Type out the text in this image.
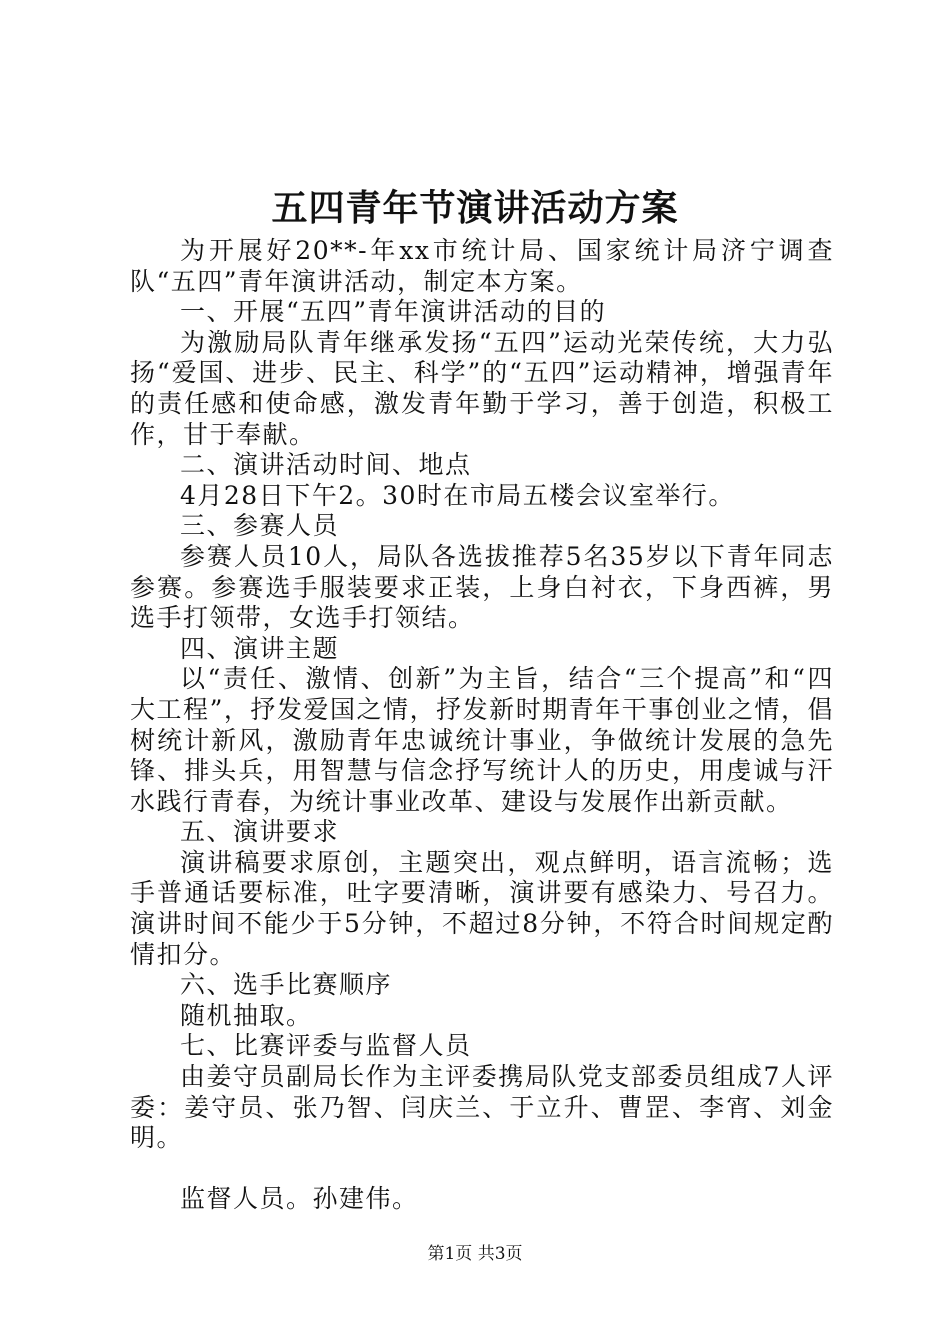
五四青年节演讲活动方案

为开展好20**-年xx市统计局、国家统计局济宁调查队“五四”青年演讲活动，制定本方案。

一、开展“五四”青年演讲活动的目的

为激励局队青年继承发扬“五四”运动光荣传统，大力弘扬“爱国、进步、民主、科学”的“五四”运动精神，增强青年的责任感和使命感，激发青年勤于学习，善于创造，积极工作，甘于奉献。

二、演讲活动时间、地点

4月28日下午2。30时在市局五楼会议室举行。

三、参赛人员

参赛人员10人，局队各选拔推荐5名35岁以下青年同志参赛。参赛选手服装要求正装，上身白衬衣，下身西裤，男选手打领带，女选手打领结。

四、演讲主题

以“责任、激情、创新”为主旨，结合“三个提高”和“四大工程”，抒发爱国之情，抒发新时期青年干事创业之情，倡树统计新风，激励青年忠诚统计事业，争做统计发展的急先锋、排头兵，用智慧与信念抒写统计人的历史，用虔诚与汗水践行青春，为统计事业改革、建设与发展作出新贡献。

五、演讲要求

演讲稿要求原创，主题突出，观点鲜明，语言流畅；选手普通话要标准，吐字要清晰，演讲要有感染力、号召力。演讲时间不能少于5分钟，不超过8分钟，不符合时间规定酌情扣分。

六、选手比赛顺序

随机抽取。

七、比赛评委与监督人员

由姜守员副局长作为主评委携局队党支部委员组成7人评委：姜守员、张乃智、闫庆兰、于立升、曹罡、李宵、刘金明。

监督人员。孙建伟。

第1页 共3页
